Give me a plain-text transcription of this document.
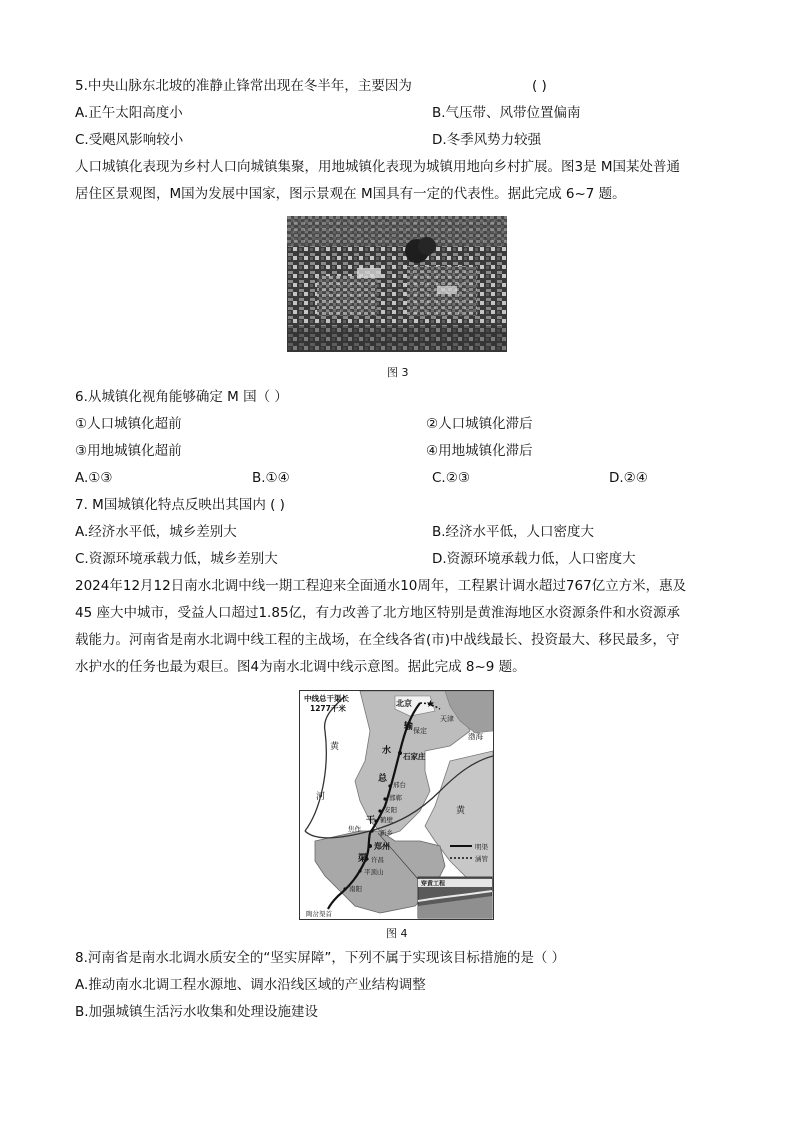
5.中央山脉东北坡的准静止锋常出现在冬半年，主要因为	( )
A.正午太阳高度小	B.气压带、风带位置偏南
C.受飓风影响较小	D.冬季风势力较强
人口城镇化表现为乡村人口向城镇集聚，用地城镇化表现为城镇用地向乡村扩展。图3是 M国某处普通
居住区景观图，M国为发展中国家，图示景观在 M国具有一定的代表性。据此完成 6~7 题。
图 3
6.从城镇化视角能够确定 M 国（ ）
①人口城镇化超前	②人口城镇化滞后
③用地城镇化超前	④用地城镇化滞后
A.①③	B.①④	C.②③	D.②④
7. M国城镇化特点反映出其国内 ( )
A.经济水平低，城乡差别大	B.经济水平低，人口密度大
C.资源环境承载力低，城乡差别大	D.资源环境承载力低，人口密度大
2024年12月12日南水北调中线一期工程迎来全面通水10周年，工程累计调水超过767亿立方米，惠及
45 座大中城市，受益人口超过1.85亿，有力改善了北方地区特别是黄淮海地区水资源条件和水资源承
载能力。河南省是南水北调中线工程的主战场，在全线各省(市)中战线最长、投资最大、移民最多，守
水护水的任务也最为艰巨。图4为南水北调中线示意图。据此完成 8~9 题。
★
中线总干渠长
1277千米
北京
天津
保定
石家庄
邢台
邯郸
安阳
鹤壁
新乡
焦作
郑州
许昌
平顶山
南阳
陶岔渠首
渤海
黄
河
黄
输
水
总
干
渠
明渠
涵管
穿黄工程
图 4
8.河南省是南水北调水质安全的“坚实屏障”，下列不属于实现该目标措施的是（ ）
A.推动南水北调工程水源地、调水沿线区域的产业结构调整
B.加强城镇生活污水收集和处理设施建设
